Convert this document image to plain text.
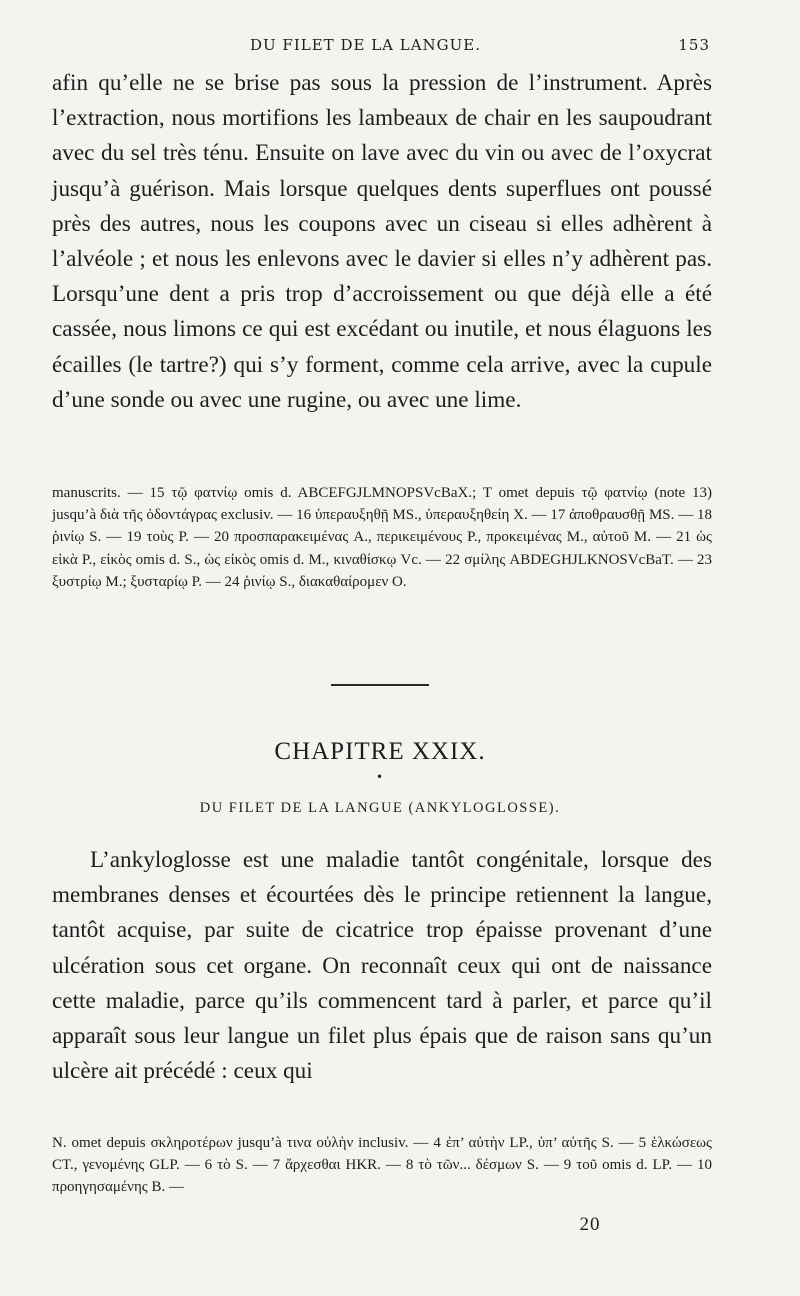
DU FILET DE LA LANGUE.	153

afin qu’elle ne se brise pas sous la pression de l’instrument. Après l’extraction, nous mortifions les lambeaux de chair en les saupoudrant avec du sel très ténu. Ensuite on lave avec du vin ou avec de l’oxycrat jusqu’à guérison. Mais lorsque quelques dents superflues ont poussé près des autres, nous les coupons avec un ciseau si elles adhèrent à l’alvéole ; et nous les enlevons avec le davier si elles n’y adhèrent pas. Lorsqu’une dent a pris trop d’accroissement ou que déjà elle a été cassée, nous limons ce qui est excédant ou inutile, et nous élaguons les écailles (le tartre?) qui s’y forment, comme cela arrive, avec la cupule d’une sonde ou avec une rugine, ou avec une lime.

manuscrits. — 15 τῷ φατνίῳ omis d. ABCEFGJLMNOPSVcBaX.; T omet depuis τῷ φατνίῳ (note 13) jusqu’à διὰ τῆς ὀδοντάγρας exclusiv. — 16 ὑπεραυξηθῇ MS., ὑπεραυξηθείη X. — 17 ἀποθραυσθῇ MS. — 18 ῥινίῳ S. — 19 τοὺς P. — 20 προσπαρακειμένας A., περικειμένους P., προκειμένας M., αὐτοῦ M. — 21 ὡς εἰκὰ P., εἰκὸς omis d. S., ὡς εἰκὸς omis d. M., κιναθίσκῳ Vc. — 22 σμίλης ABDEGHJLKNOSVcBaT. — 23 ξυστρίῳ M.; ξυσταρίῳ P. — 24 ῥινίῳ S., διακαθαίρομεν O.

CHAPITRE XXIX.
•

DU FILET DE LA LANGUE (ANKYLOGLOSSE).

L’ankyloglosse est une maladie tantôt congénitale, lorsque des membranes denses et écourtées dès le principe retiennent la langue, tantôt acquise, par suite de cicatrice trop épaisse provenant d’une ulcération sous cet organe. On reconnaît ceux qui ont de naissance cette maladie, parce qu’ils commencent tard à parler, et parce qu’il apparaît sous leur langue un filet plus épais que de raison sans qu’un ulcère ait précédé : ceux qui

N. omet depuis σκληροτέρων jusqu’à τινα οὐλὴν inclusiv. — 4 ἐπ’ αὐτὴν LP., ὑπ’ αὐτῆς S. — 5 ἑλκώσεως CT., γενομένης GLP. — 6 τὸ S. — 7 ἄρχεσθαι HKR. — 8 τὸ τῶν... δέσμων S. — 9 τοῦ omis d. LP. — 10 προηγησαμένης B. —

20
